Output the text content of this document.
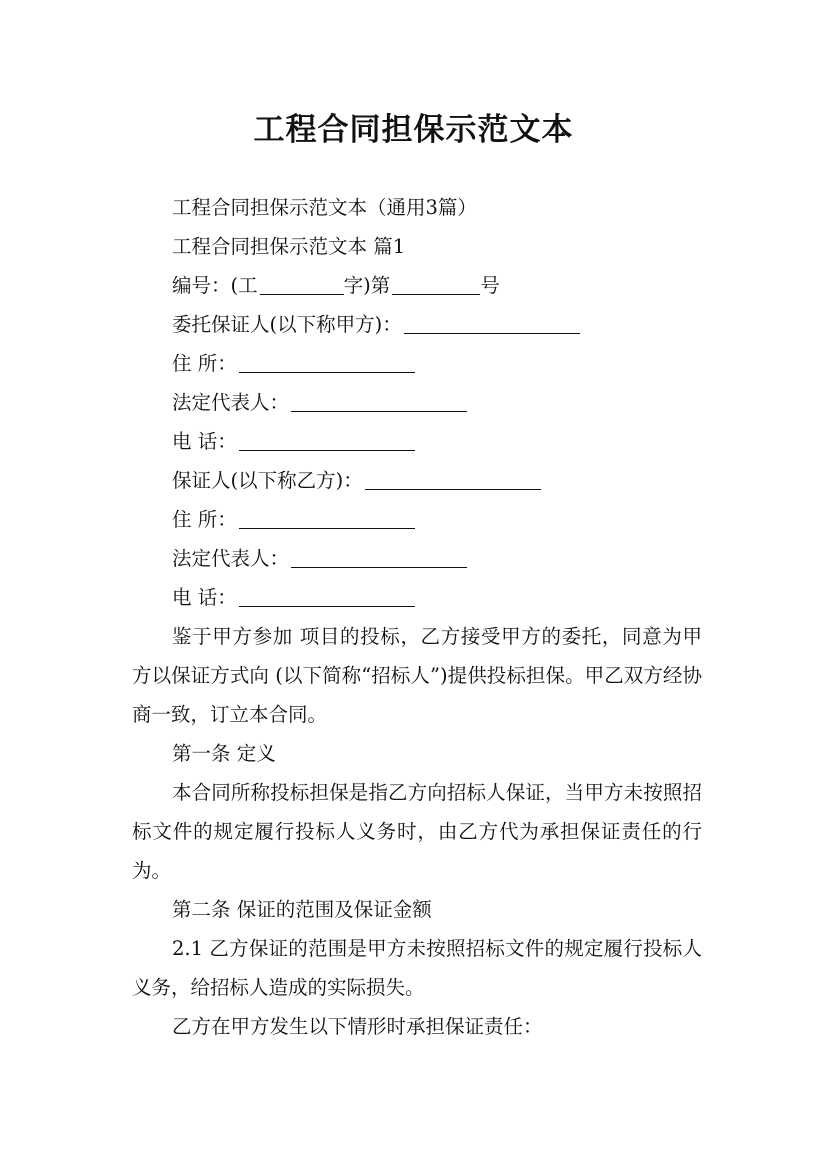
工程合同担保示范文本

工程合同担保示范文本（通用3篇）

工程合同担保示范文本 篇1

编号：(工	字)第	号

委托保证人(以下称甲方)：

住 所：

法定代表人：

电 话：

保证人(以下称乙方)：

住 所：

法定代表人：

电 话：

鉴于甲方参加 项目的投标，乙方接受甲方的委托，同意为甲方以保证方式向 (以下简称“招标人”)提供投标担保。甲乙双方经协商一致，订立本合同。

第一条 定义

本合同所称投标担保是指乙方向招标人保证，当甲方未按照招标文件的规定履行投标人义务时，由乙方代为承担保证责任的行为。

第二条 保证的范围及保证金额

2.1 乙方保证的范围是甲方未按照招标文件的规定履行投标人义务，给招标人造成的实际损失。

乙方在甲方发生以下情形时承担保证责任：
